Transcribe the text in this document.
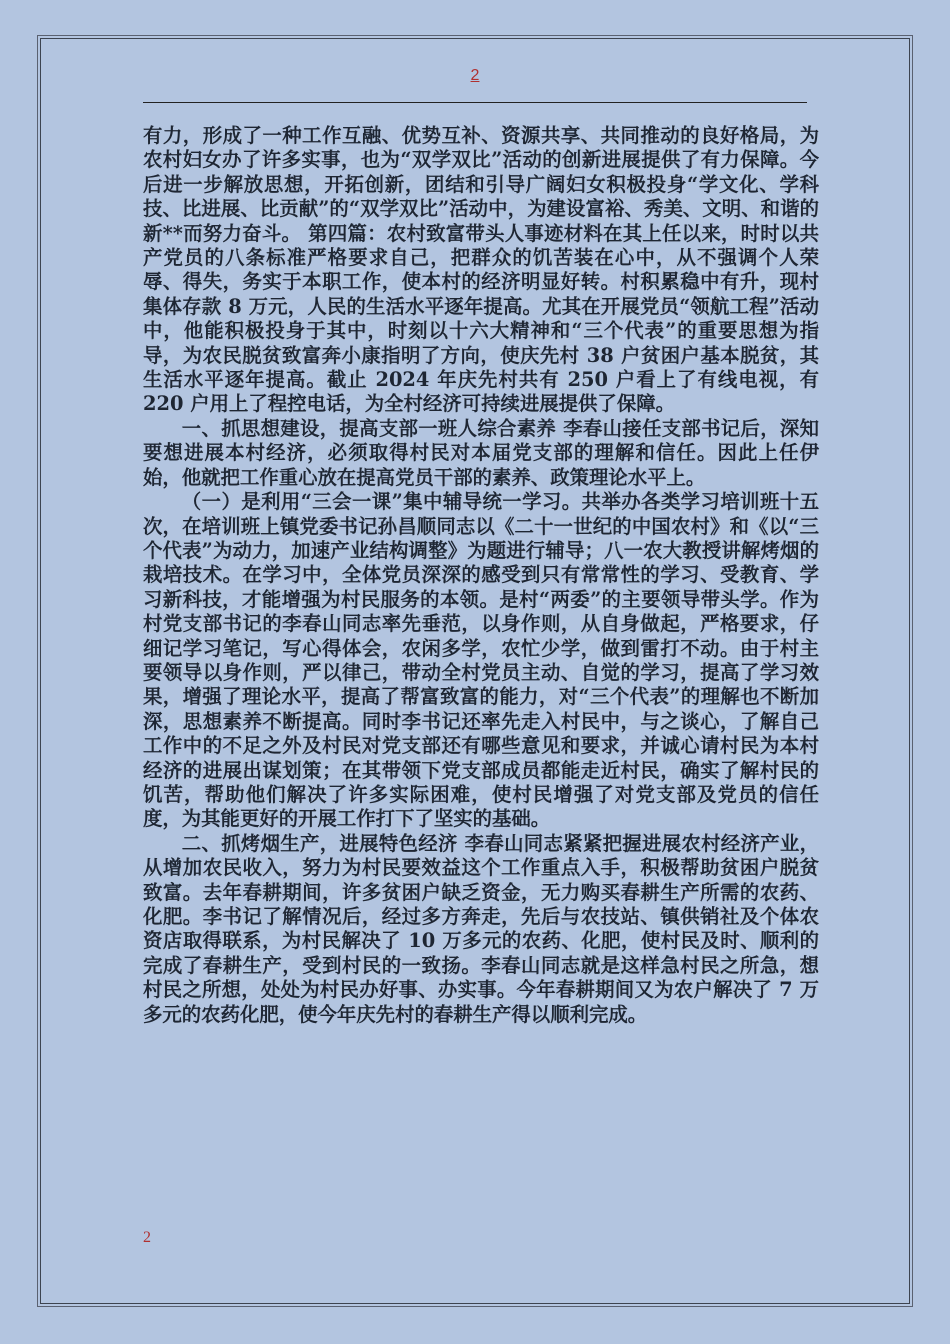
2

有力，形成了一种工作互融、优势互补、资源共享、共同推动的良好格局，为农村妇女办了许多实事，也为“双学双比”活动的创新进展提供了有力保障。今后进一步解放思想，开拓创新，团结和引导广阔妇女积极投身“学文化、学科技、比进展、比贡献”的“双学双比”活动中，为建设富裕、秀美、文明、和谐的新**而努力奋斗。 第四篇：农村致富带头人事迹材料在其上任以来，时时以共产党员的八条标准严格要求自己，把群众的饥苦装在心中，从不强调个人荣辱、得失，务实于本职工作，使本村的经济明显好转。村积累稳中有升，现村集体存款 8 万元，人民的生活水平逐年提高。尤其在开展党员“领航工程”活动中，他能积极投身于其中，时刻以十六大精神和“三个代表”的重要思想为指导，为农民脱贫致富奔小康指明了方向，使庆先村 38 户贫困户基本脱贫，其生活水平逐年提高。截止 2024 年庆先村共有 250 户看上了有线电视，有 220 户用上了程控电话，为全村经济可持续进展提供了保障。

一、抓思想建设，提高支部一班人综合素养 李春山接任支部书记后，深知要想进展本村经济，必须取得村民对本届党支部的理解和信任。因此上任伊始，他就把工作重心放在提高党员干部的素养、政策理论水平上。

（一）是利用“三会一课”集中辅导统一学习。共举办各类学习培训班十五次，在培训班上镇党委书记孙昌顺同志以《二十一世纪的中国农村》和《以“三个代表”为动力，加速产业结构调整》为题进行辅导；八一农大教授讲解烤烟的栽培技术。在学习中，全体党员深深的感受到只有常常性的学习、受教育、学习新科技，才能增强为村民服务的本领。是村“两委”的主要领导带头学。作为村党支部书记的李春山同志率先垂范，以身作则，从自身做起，严格要求，仔细记学习笔记，写心得体会，农闲多学，农忙少学，做到雷打不动。由于村主要领导以身作则，严以律己，带动全村党员主动、自觉的学习，提高了学习效果，增强了理论水平，提高了帮富致富的能力，对“三个代表”的理解也不断加深，思想素养不断提高。同时李书记还率先走入村民中，与之谈心，了解自己工作中的不足之外及村民对党支部还有哪些意见和要求，并诚心请村民为本村经济的进展出谋划策；在其带领下党支部成员都能走近村民，确实了解村民的饥苦，帮助他们解决了许多实际困难，使村民增强了对党支部及党员的信任度，为其能更好的开展工作打下了坚实的基础。

二、抓烤烟生产，进展特色经济 李春山同志紧紧把握进展农村经济产业，从增加农民收入，努力为村民要效益这个工作重点入手，积极帮助贫困户脱贫致富。去年春耕期间，许多贫困户缺乏资金，无力购买春耕生产所需的农药、化肥。李书记了解情况后，经过多方奔走，先后与农技站、镇供销社及个体农资店取得联系，为村民解决了 10 万多元的农药、化肥，使村民及时、顺利的完成了春耕生产，受到村民的一致扬。李春山同志就是这样急村民之所急，想村民之所想，处处为村民办好事、办实事。今年春耕期间又为农户解决了 7 万多元的农药化肥，使今年庆先村的春耕生产得以顺利完成。

2
